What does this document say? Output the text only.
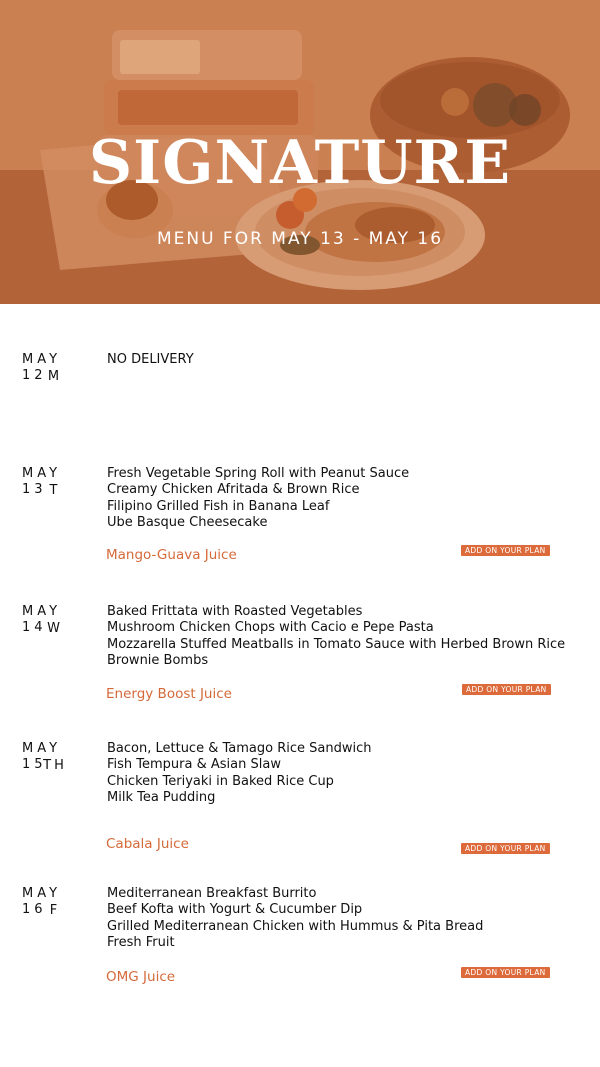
SIGNATURE
MENU FOR MAY 13 - MAY 16
MAY 12 M
NO DELIVERY
MAY 13 T
Fresh Vegetable Spring Roll with Peanut Sauce
Creamy Chicken Afritada & Brown Rice
Filipino Grilled Fish in Banana Leaf
Ube Basque Cheesecake
Mango-Guava Juice	ADD ON YOUR PLAN
MAY 14 W
Baked Frittata with Roasted Vegetables
Mushroom Chicken Chops with Cacio e Pepe Pasta
Mozzarella Stuffed Meatballs in Tomato Sauce with Herbed Brown Rice
Brownie Bombs
Energy Boost Juice	ADD ON YOUR PLAN
MAY 15
TH
Bacon, Lettuce & Tamago Rice Sandwich
Fish Tempura & Asian Slaw
Chicken Teriyaki in Baked Rice Cup
Milk Tea Pudding
Cabala Juice	ADD ON YOUR PLAN
MAY 16 F
Mediterranean Breakfast Burrito
Beef Kofta with Yogurt & Cucumber Dip
Grilled Mediterranean Chicken with Hummus & Pita Bread
Fresh Fruit
OMG Juice	ADD ON YOUR PLAN
